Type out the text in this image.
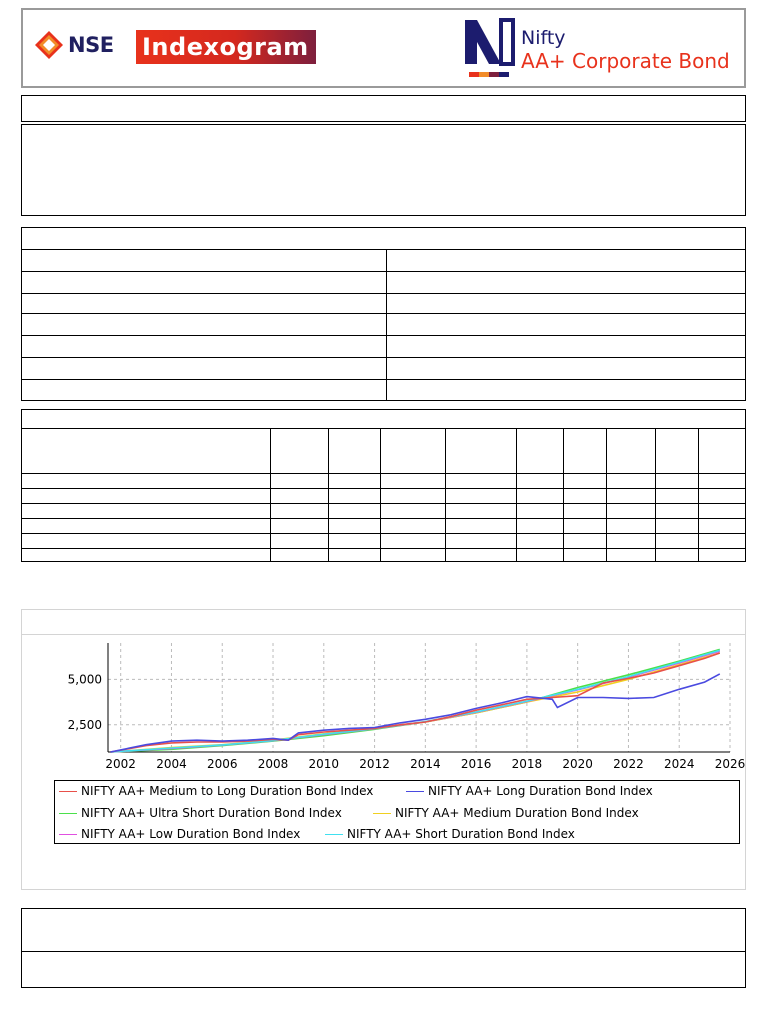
NSE Indexogram	Nifty
AA+ Corporate Bond
2002 2004 2006 2008 2010 2012 2014 2016 2018 2020 2022 2024 2026
2,500
5,000
NIFTY AA+ Medium to Long Duration Bond Index	NIFTY AA+ Long Duration Bond Index
NIFTY AA+ Ultra Short Duration Bond Index	NIFTY AA+ Medium Duration Bond Index
NIFTY AA+ Low Duration Bond Index	NIFTY AA+ Short Duration Bond Index
